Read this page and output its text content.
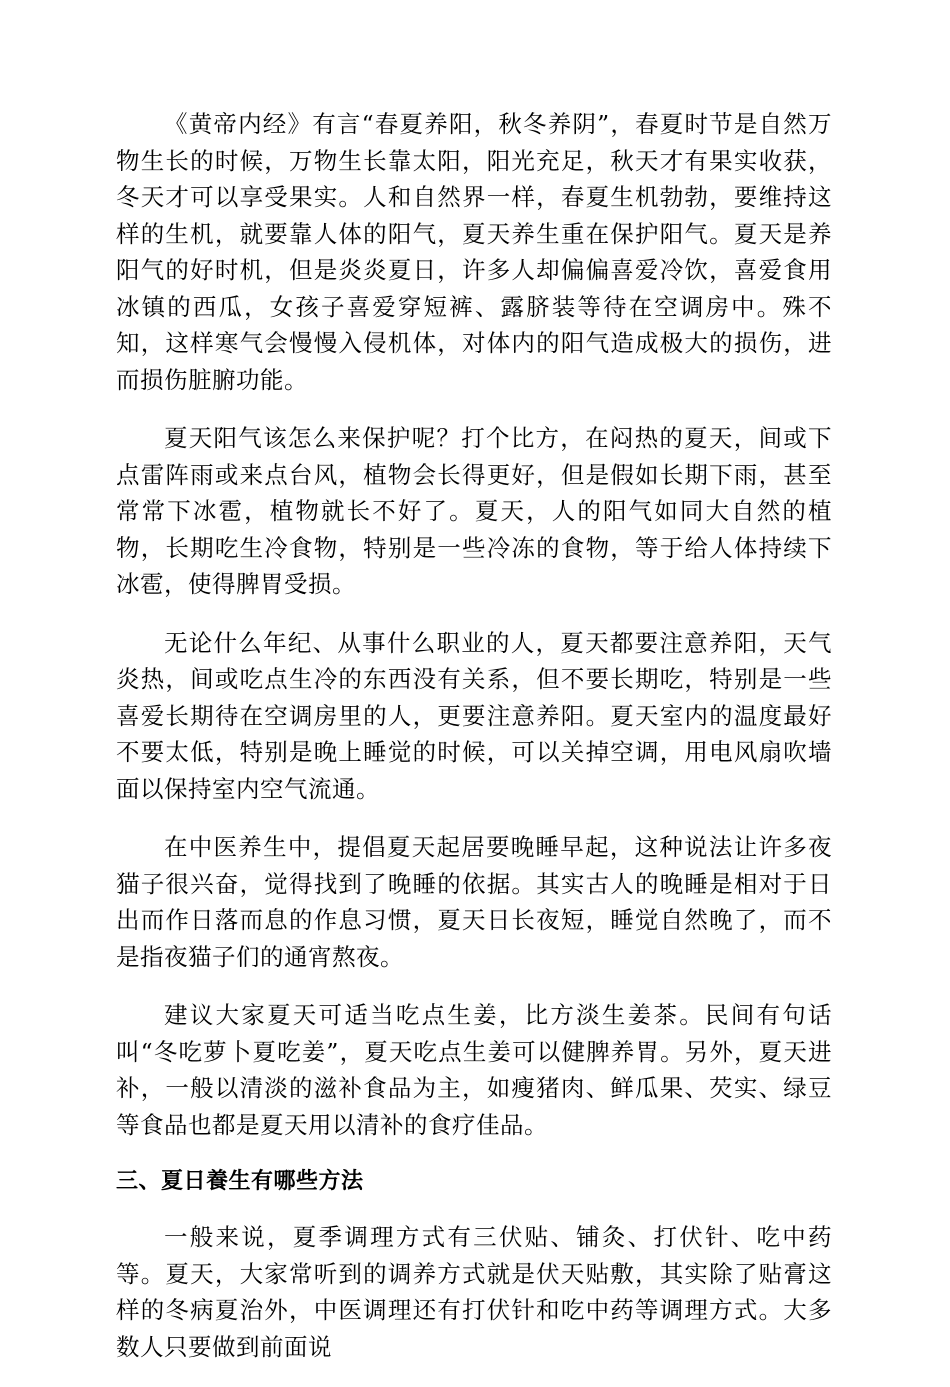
《黄帝内经》有言“春夏养阳，秋冬养阴”，春夏时节是自然万物生长的时候，万物生长靠太阳，阳光充足，秋天才有果实收获，冬天才可以享受果实。人和自然界一样，春夏生机勃勃，要维持这样的生机，就要靠人体的阳气，夏天养生重在保护阳气。夏天是养阳气的好时机，但是炎炎夏日，许多人却偏偏喜爱冷饮，喜爱食用冰镇的西瓜，女孩子喜爱穿短裤、露脐装等待在空调房中。殊不知，这样寒气会慢慢入侵机体，对体内的阳气造成极大的损伤，进而损伤脏腑功能。

夏天阳气该怎么来保护呢？打个比方，在闷热的夏天，间或下点雷阵雨或来点台风，植物会长得更好，但是假如长期下雨，甚至常常下冰雹，植物就长不好了。夏天，人的阳气如同大自然的植物，长期吃生冷食物，特别是一些冷冻的食物，等于给人体持续下冰雹，使得脾胃受损。

无论什么年纪、从事什么职业的人，夏天都要注意养阳，天气炎热，间或吃点生冷的东西没有关系，但不要长期吃，特别是一些喜爱长期待在空调房里的人，更要注意养阳。夏天室内的温度最好不要太低，特别是晚上睡觉的时候，可以关掉空调，用电风扇吹墙面以保持室内空气流通。

在中医养生中，提倡夏天起居要晚睡早起，这种说法让许多夜猫子很兴奋，觉得找到了晚睡的依据。其实古人的晚睡是相对于日出而作日落而息的作息习惯，夏天日长夜短，睡觉自然晚了，而不是指夜猫子们的通宵熬夜。

建议大家夏天可适当吃点生姜，比方淡生姜茶。民间有句话叫“冬吃萝卜夏吃姜”，夏天吃点生姜可以健脾养胃。另外，夏天进补，一般以清淡的滋补食品为主，如瘦猪肉、鲜瓜果、芡实、绿豆等食品也都是夏天用以清补的食疗佳品。

三、夏日養生有哪些方法

一般来说，夏季调理方式有三伏贴、铺灸、打伏针、吃中药等。夏天，大家常听到的调养方式就是伏天贴敷，其实除了贴膏这样的冬病夏治外，中医调理还有打伏针和吃中药等调理方式。大多数人只要做到前面说
